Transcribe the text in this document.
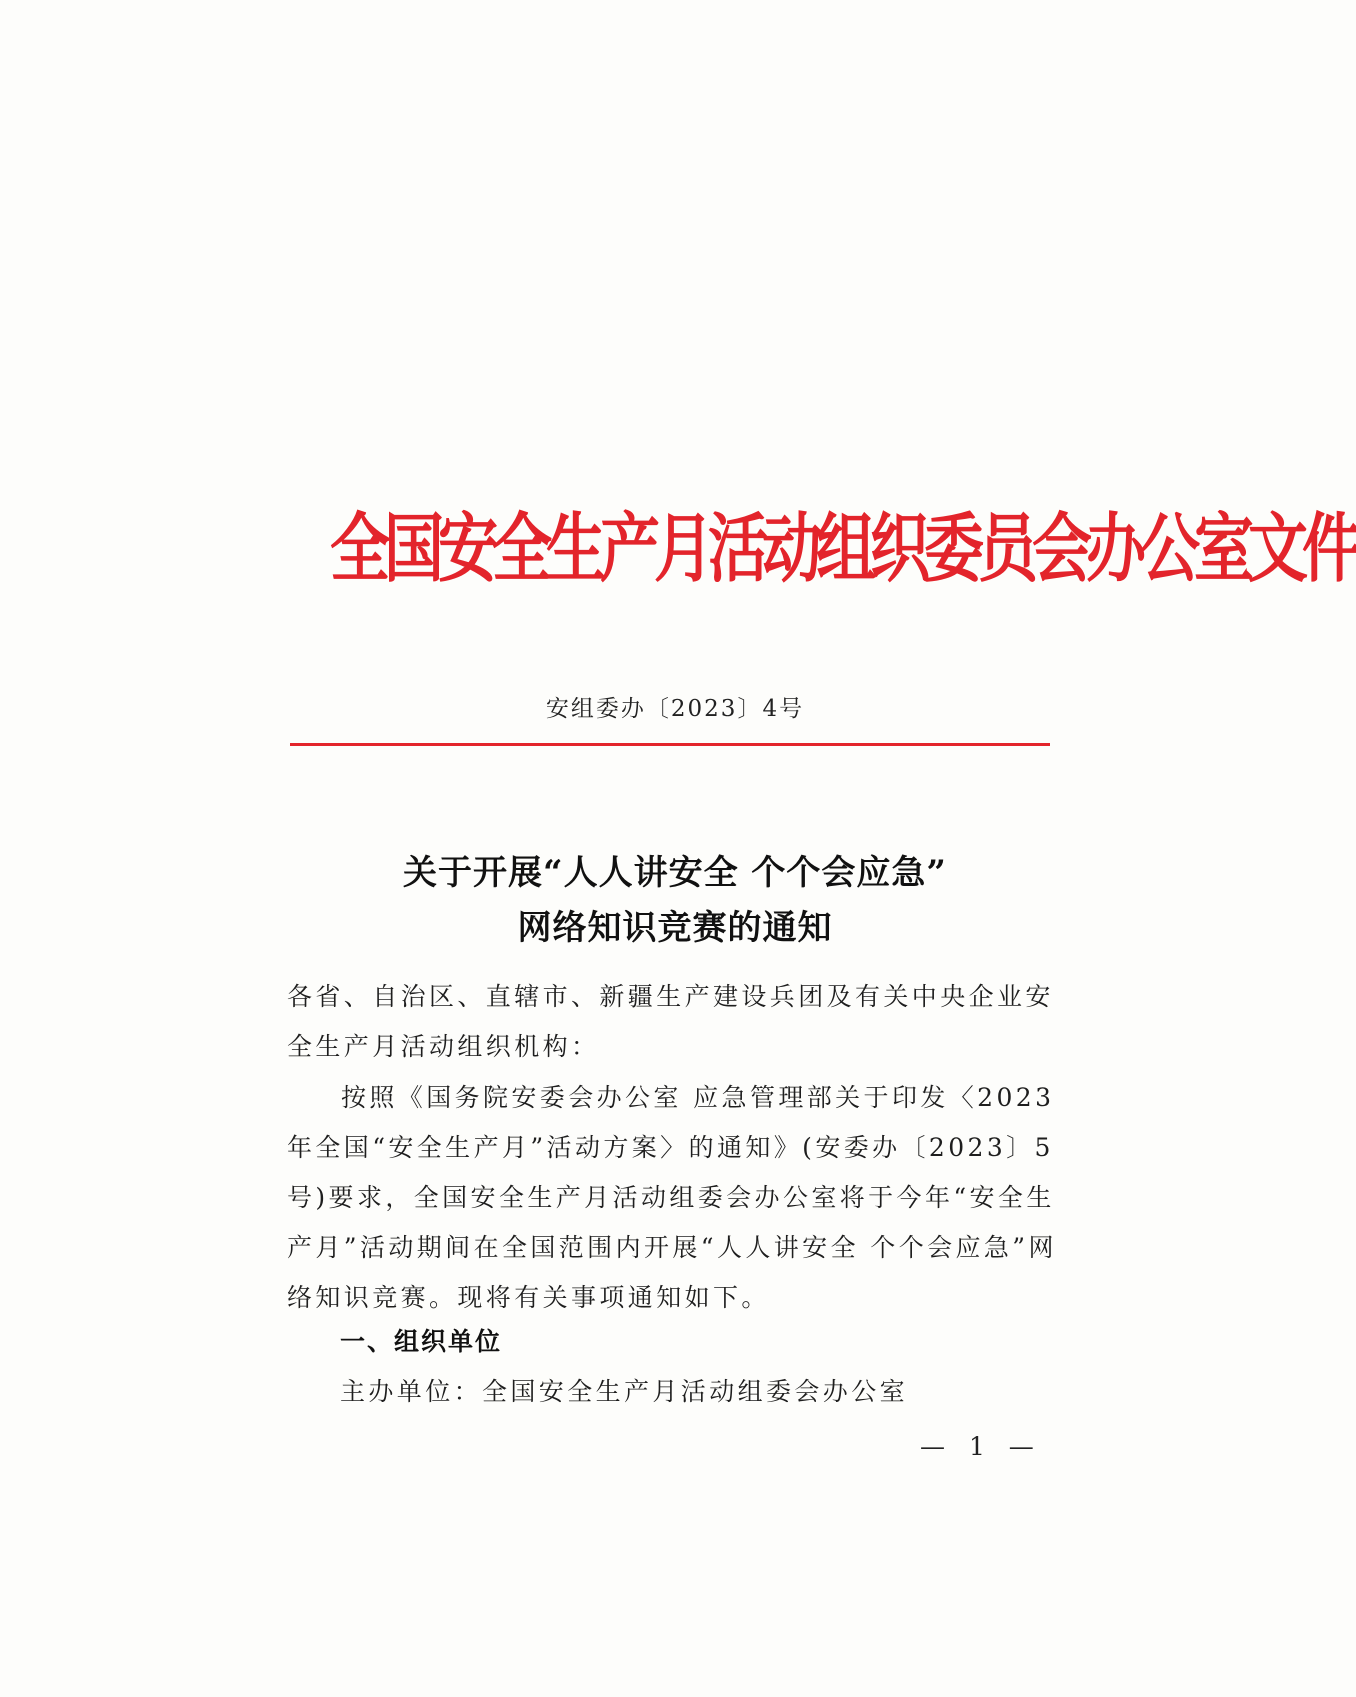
全国安全生产月活动组织委员会办公室文件
安组委办〔2023〕4号
关于开展“人人讲安全 个个会应急”
网络知识竞赛的通知
各省、自治区、直辖市、新疆生产建设兵团及有关中央企业安全生产月活动组织机构：
按照《国务院安委会办公室 应急管理部关于印发〈2023年全国“安全生产月”活动方案〉的通知》(安委办〔2023〕5号)要求，全国安全生产月活动组委会办公室将于今年“安全生产月”活动期间在全国范围内开展“人人讲安全 个个会应急”网络知识竞赛。现将有关事项通知如下。
一、组织单位
主办单位：全国安全生产月活动组委会办公室
— 1 —
